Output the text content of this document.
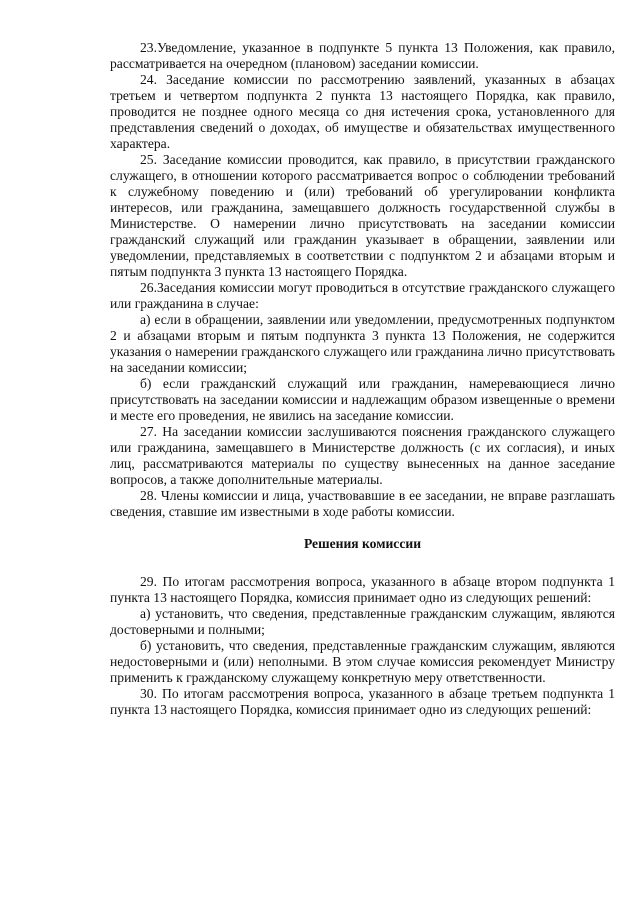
23.Уведомление, указанное в подпункте 5 пункта 13 Положения, как правило, рассматривается на очередном (плановом) заседании комиссии.

24. Заседание комиссии по рассмотрению заявлений, указанных в абзацах третьем и четвертом подпункта 2 пункта 13 настоящего Порядка, как правило, проводится не позднее одного месяца со дня истечения срока, установленного для представления сведений о доходах, об имуществе и обязательствах имущественного характера.

25. Заседание комиссии проводится, как правило, в присутствии гражданского служащего, в отношении которого рассматривается вопрос о соблюдении требований к служебному поведению и (или) требований об урегулировании конфликта интересов, или гражданина, замещавшего должность государственной службы в Министерстве. О намерении лично присутствовать на заседании комиссии гражданский служащий или гражданин указывает в обращении, заявлении или уведомлении, представляемых в соответствии с подпунктом 2 и абзацами вторым и пятым подпункта 3 пункта 13 настоящего Порядка.

26.Заседания комиссии могут проводиться в отсутствие гражданского служащего или гражданина в случае:

а) если в обращении, заявлении или уведомлении, предусмотренных подпунктом 2 и абзацами вторым и пятым подпункта 3 пункта 13 Положения, не содержится указания о намерении гражданского служащего или гражданина лично присутствовать на заседании комиссии;

б) если гражданский служащий или гражданин, намеревающиеся лично присутствовать на заседании комиссии и надлежащим образом извещенные о времени и месте его проведения, не явились на заседание комиссии.

27. На заседании комиссии заслушиваются пояснения гражданского служащего или гражданина, замещавшего в Министерстве должность (с их согласия), и иных лиц, рассматриваются материалы по существу вынесенных на данное заседание вопросов, а также дополнительные материалы.

28. Члены комиссии и лица, участвовавшие в ее заседании, не вправе разглашать сведения, ставшие им известными в ходе работы комиссии.

Решения комиссии

29. По итогам рассмотрения вопроса, указанного в абзаце втором подпункта 1 пункта 13 настоящего Порядка, комиссия принимает одно из следующих решений:

а) установить, что сведения, представленные гражданским служащим, являются достоверными и полными;

б) установить, что сведения, представленные гражданским служащим, являются недостоверными и (или) неполными. В этом случае комиссия рекомендует Министру применить к гражданскому служащему конкретную меру ответственности.

30. По итогам рассмотрения вопроса, указанного в абзаце третьем подпункта 1 пункта 13 настоящего Порядка, комиссия принимает одно из следующих решений:
